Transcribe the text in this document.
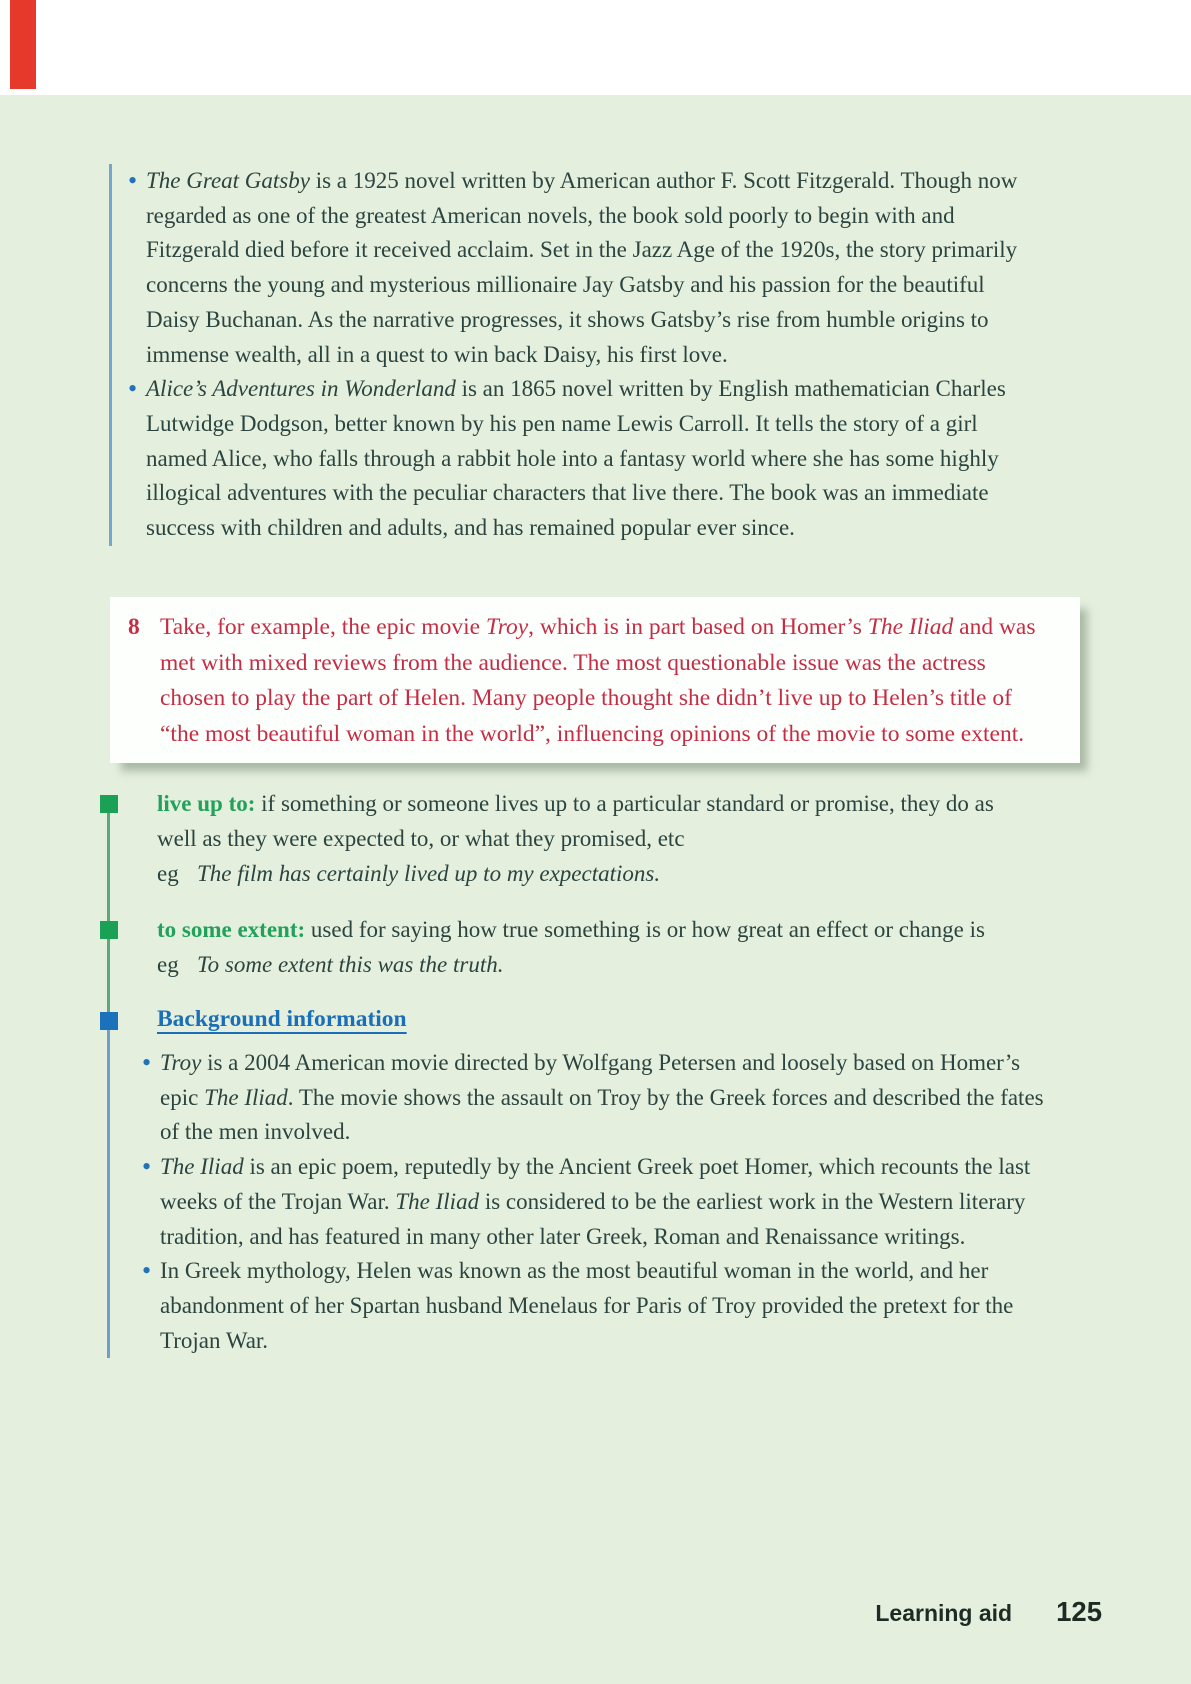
• The Great Gatsby is a 1925 novel written by American author F. Scott Fitzgerald. Though now regarded as one of the greatest American novels, the book sold poorly to begin with and Fitzgerald died before it received acclaim. Set in the Jazz Age of the 1920s, the story primarily concerns the young and mysterious millionaire Jay Gatsby and his passion for the beautiful Daisy Buchanan. As the narrative progresses, it shows Gatsby’s rise from humble origins to immense wealth, all in a quest to win back Daisy, his first love.
• Alice’s Adventures in Wonderland is an 1865 novel written by English mathematician Charles Lutwidge Dodgson, better known by his pen name Lewis Carroll. It tells the story of a girl named Alice, who falls through a rabbit hole into a fantasy world where she has some highly illogical adventures with the peculiar characters that live there. The book was an immediate success with children and adults, and has remained popular ever since.
8 Take, for example, the epic movie Troy, which is in part based on Homer’s The Iliad and was met with mixed reviews from the audience. The most questionable issue was the actress chosen to play the part of Helen. Many people thought she didn’t live up to Helen’s title of “the most beautiful woman in the world”, influencing opinions of the movie to some extent.

live up to: if something or someone lives up to a particular standard or promise, they do as well as they were expected to, or what they promised, etc

eg The film has certainly lived up to my expectations.

to some extent: used for saying how true something is or how great an effect or change is

eg To some extent this was the truth.

Background information
• Troy is a 2004 American movie directed by Wolfgang Petersen and loosely based on Homer’s epic The Iliad. The movie shows the assault on Troy by the Greek forces and described the fates of the men involved.
• The Iliad is an epic poem, reputedly by the Ancient Greek poet Homer, which recounts the last weeks of the Trojan War. The Iliad is considered to be the earliest work in the Western literary tradition, and has featured in many other later Greek, Roman and Renaissance writings.
• In Greek mythology, Helen was known as the most beautiful woman in the world, and her abandonment of her Spartan husband Menelaus for Paris of Troy provided the pretext for the Trojan War.
Learning aid 125
